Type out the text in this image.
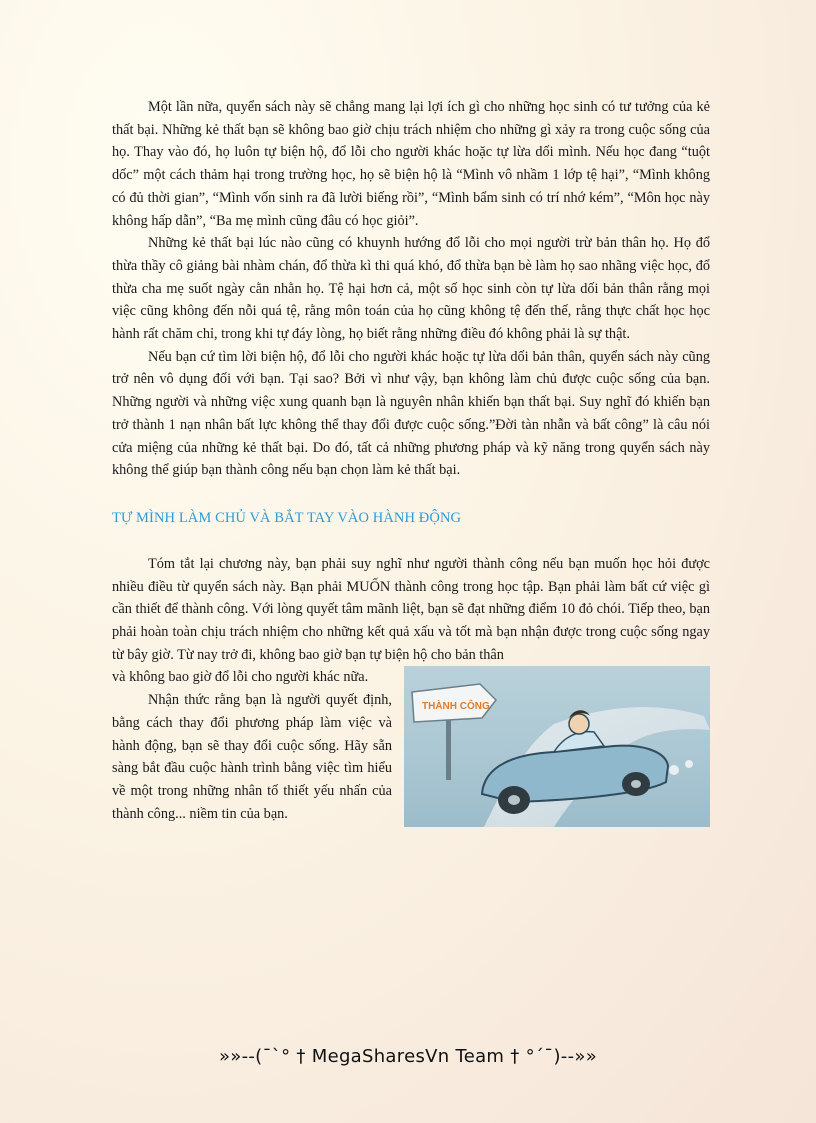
Một lần nữa, quyển sách này sẽ chẳng mang lại lợi ích gì cho những học sinh có tư tưởng của kẻ thất bại. Những kẻ thất bạn sẽ không bao giờ chịu trách nhiệm cho những gì xảy ra trong cuộc sống của họ. Thay vào đó, họ luôn tự biện hộ, đổ lỗi cho người khác hoặc tự lừa dối mình. Nếu học đang “tuột dốc” một cách thảm hại trong trường học, họ sẽ biện hộ là “Mình vô nhầm 1 lớp tệ hại”, “Mình không có đủ thời gian”, “Mình vốn sinh ra đã lười biếng rồi”, “Mình bẩm sinh có trí nhớ kém”, “Môn học này không hấp dẫn”, “Ba mẹ mình cũng đâu có học giỏi”.

Những kẻ thất bại lúc nào cũng có khuynh hướng đổ lỗi cho mọi người trừ bản thân họ. Họ đổ thừa thầy cô giảng bài nhàm chán, đổ thừa kì thi quá khó, đổ thừa bạn bè làm họ sao nhãng việc học, đổ thừa cha mẹ suốt ngày cằn nhằn họ. Tệ hại hơn cả, một số học sinh còn tự lừa dối bản thân rằng mọi việc cũng không đến nỗi quá tệ, rằng môn toán của họ cũng không tệ đến thế, rằng thực chất học học hành rất chăm chỉ, trong khi tự đáy lòng, họ biết rằng những điều đó không phải là sự thật.

Nếu bạn cứ tìm lời biện hộ, đổ lỗi cho người khác hoặc tự lừa dối bản thân, quyển sách này cũng trở nên vô dụng đối với bạn. Tại sao? Bởi vì như vậy, bạn không làm chủ được cuộc sống của bạn. Những người và những việc xung quanh bạn là nguyên nhân khiến bạn thất bại. Suy nghĩ đó khiến bạn trở thành 1 nạn nhân bất lực không thể thay đổi được cuộc sống.”Đời tàn nhẫn và bất công” là câu nói cửa miệng của những kẻ thất bại. Do đó, tất cả những phương pháp và kỹ năng trong quyển sách này không thể giúp bạn thành công nếu bạn chọn làm kẻ thất bại.

TỰ MÌNH LÀM CHỦ VÀ BẮT TAY VÀO HÀNH ĐỘNG

Tóm tắt lại chương này, bạn phải suy nghĩ như người thành công nếu bạn muốn học hỏi được nhiều điều từ quyển sách này. Bạn phải MUỐN thành công trong học tập. Bạn phải làm bất cứ việc gì cần thiết để thành công. Với lòng quyết tâm mãnh liệt, bạn sẽ đạt những điểm 10 đỏ chói. Tiếp theo, bạn phải hoàn toàn chịu trách nhiệm cho những kết quả xấu và tốt mà bạn nhận được trong cuộc sống ngay từ bây giờ. Từ nay trở đi, không bao giờ bạn tự biện hộ cho bản thân

THÀNH CÔNG

và không bao giờ đổ lỗi cho người khác nữa.

Nhận thức rằng bạn là người quyết định, bằng cách thay đổi phương pháp làm việc và hành động, bạn sẽ thay đổi cuộc sống. Hãy sẵn sàng bắt đầu cuộc hành trình bằng việc tìm hiểu về một trong những nhân tố thiết yếu nhấn của thành công... niềm tin của bạn.

»»--(¯`° † MegaSharesVn Team † °´¯)--»»
